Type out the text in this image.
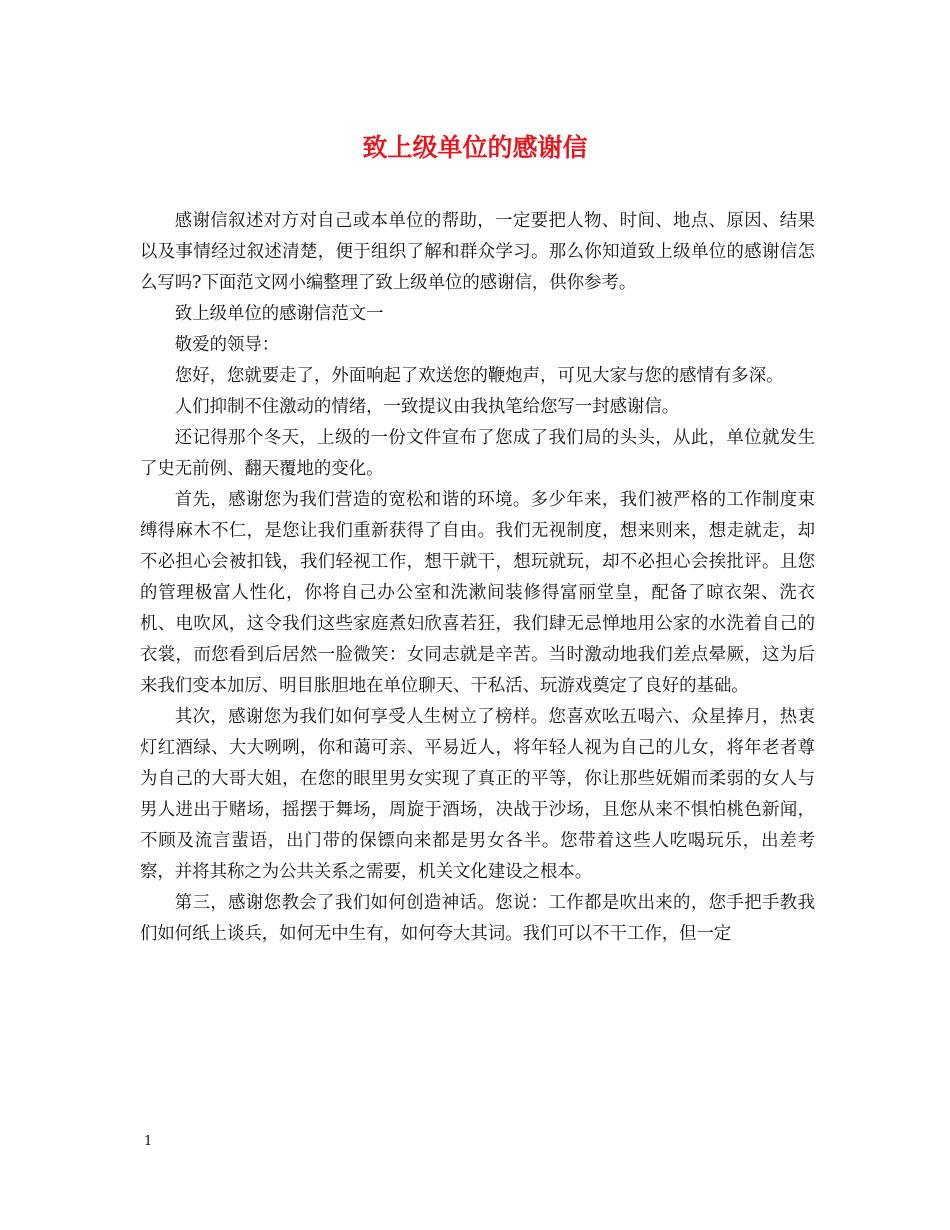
致上级单位的感谢信

感谢信叙述对方对自己或本单位的帮助，一定要把人物、时间、地点、原因、结果以及事情经过叙述清楚，便于组织了解和群众学习。那么你知道致上级单位的感谢信怎么写吗?下面范文网小编整理了致上级单位的感谢信，供你参考。

致上级单位的感谢信范文一

敬爱的领导：

您好，您就要走了，外面响起了欢送您的鞭炮声，可见大家与您的感情有多深。

人们抑制不住激动的情绪，一致提议由我执笔给您写一封感谢信。

还记得那个冬天，上级的一份文件宣布了您成了我们局的头头，从此，单位就发生了史无前例、翻天覆地的变化。

首先，感谢您为我们营造的宽松和谐的环境。多少年来，我们被严格的工作制度束缚得麻木不仁，是您让我们重新获得了自由。我们无视制度，想来则来，想走就走，却不必担心会被扣钱，我们轻视工作，想干就干，想玩就玩，却不必担心会挨批评。且您的管理极富人性化，你将自己办公室和洗漱间装修得富丽堂皇，配备了晾衣架、洗衣机、电吹风，这令我们这些家庭煮妇欣喜若狂，我们肆无忌惮地用公家的水洗着自己的衣裳，而您看到后居然一脸微笑：女同志就是辛苦。当时激动地我们差点晕厥，这为后来我们变本加厉、明目胀胆地在单位聊天、干私活、玩游戏奠定了良好的基础。

其次，感谢您为我们如何享受人生树立了榜样。您喜欢吆五喝六、众星捧月，热衷灯红酒绿、大大咧咧，你和蔼可亲、平易近人，将年轻人视为自己的儿女，将年老者尊为自己的大哥大姐，在您的眼里男女实现了真正的平等，你让那些妩媚而柔弱的女人与男人进出于赌场，摇摆于舞场，周旋于酒场，决战于沙场，且您从来不惧怕桃色新闻，不顾及流言蜚语，出门带的保镖向来都是男女各半。您带着这些人吃喝玩乐，出差考察，并将其称之为公共关系之需要，机关文化建设之根本。

第三，感谢您教会了我们如何创造神话。您说：工作都是吹出来的，您手把手教我们如何纸上谈兵，如何无中生有，如何夸大其词。我们可以不干工作，但一定

1
